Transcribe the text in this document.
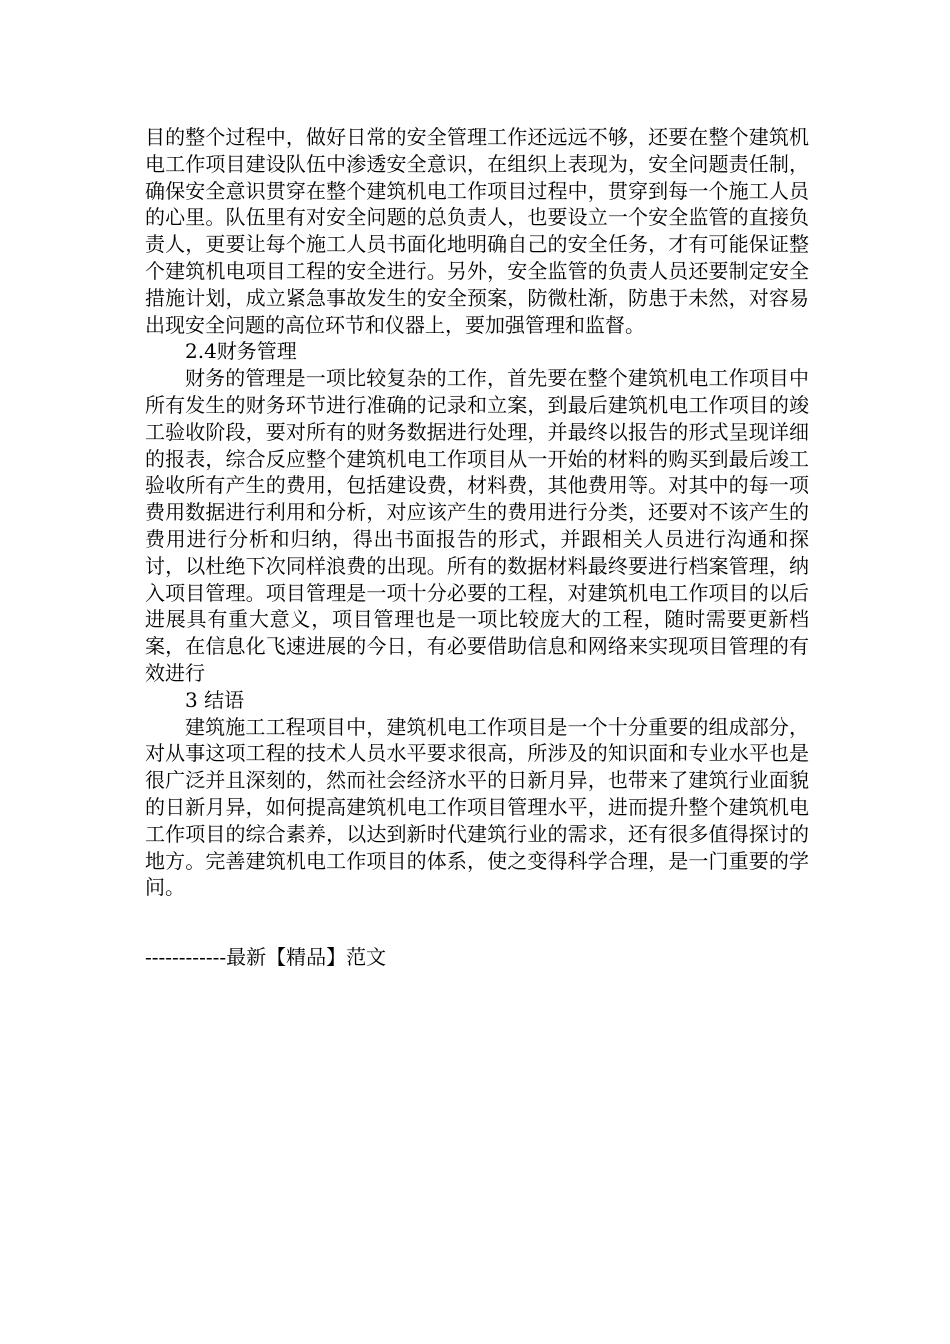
目的整个过程中，做好日常的安全管理工作还远远不够，还要在整个建筑机电工作项目建设队伍中渗透安全意识，在组织上表现为，安全问题责任制，确保安全意识贯穿在整个建筑机电工作项目过程中，贯穿到每一个施工人员的心里。队伍里有对安全问题的总负责人，也要设立一个安全监管的直接负责人，更要让每个施工人员书面化地明确自己的安全任务，才有可能保证整个建筑机电项目工程的安全进行。另外，安全监管的负责人员还要制定安全措施计划，成立紧急事故发生的安全预案，防微杜渐，防患于未然，对容易出现安全问题的高位环节和仪器上，要加强管理和监督。

2.4财务管理

财务的管理是一项比较复杂的工作，首先要在整个建筑机电工作项目中所有发生的财务环节进行准确的记录和立案，到最后建筑机电工作项目的竣工验收阶段，要对所有的财务数据进行处理，并最终以报告的形式呈现详细的报表，综合反应整个建筑机电工作项目从一开始的材料的购买到最后竣工验收所有产生的费用，包括建设费，材料费，其他费用等。对其中的每一项费用数据进行利用和分析，对应该产生的费用进行分类，还要对不该产生的费用进行分析和归纳，得出书面报告的形式，并跟相关人员进行沟通和探讨，以杜绝下次同样浪费的出现。所有的数据材料最终要进行档案管理，纳入项目管理。项目管理是一项十分必要的工程，对建筑机电工作项目的以后进展具有重大意义，项目管理也是一项比较庞大的工程，随时需要更新档案，在信息化飞速进展的今日，有必要借助信息和网络来实现项目管理的有效进行

3 结语

建筑施工工程项目中，建筑机电工作项目是一个十分重要的组成部分，对从事这项工程的技术人员水平要求很高，所涉及的知识面和专业水平也是很广泛并且深刻的，然而社会经济水平的日新月异，也带来了建筑行业面貌的日新月异，如何提高建筑机电工作项目管理水平，进而提升整个建筑机电工作项目的综合素养，以达到新时代建筑行业的需求，还有很多值得探讨的地方。完善建筑机电工作项目的体系，使之变得科学合理，是一门重要的学问。

------------最新【精品】范文
